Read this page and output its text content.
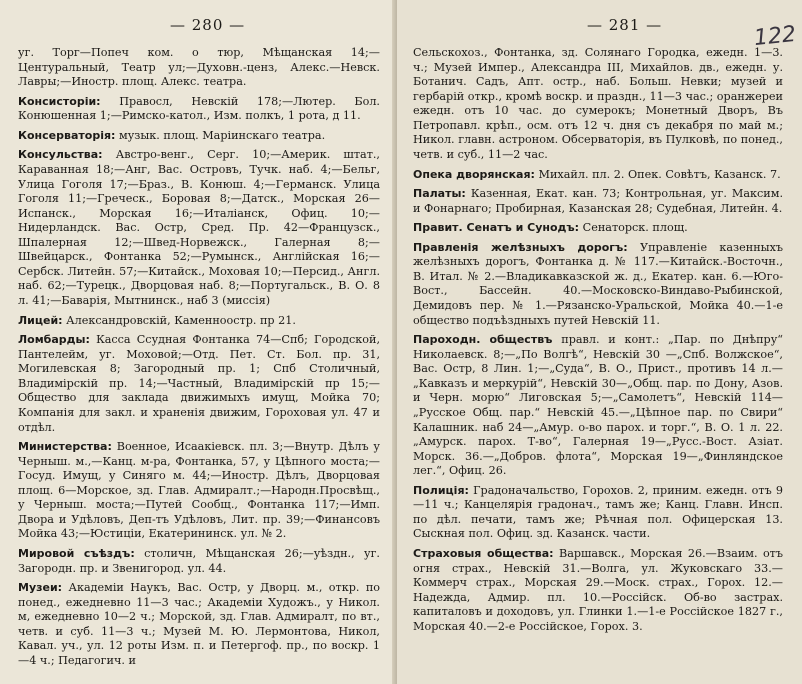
— 280 —
уг. Торг—Попеч ком. о тюр, Мѣщанская 14;—Центуральный, Театр ул;—Духовн.-ценз, Алекс.—Невск. Лавры;—Иностр. площ. Алекс. театра.
Консисторіи: Правосл, Невскій 178;—Лютер. Бол. Конюшенная 1;—Римско-катол., Изм. полкъ, 1 рота, д 11.
Консерваторія: музык. площ. Маріинскаго театра.
Консульства: Австро-венг., Серг. 10;—Америк. штат., Караванная 18;—Анг, Вас. Островъ, Тучк. наб. 4;—Бельг, Улица Гоголя 17;—Браз., В. Конюш. 4;—Германск. Улица Гоголя 11;—Греческ., Боровая 8;—Датск., Морская 26—Испанск., Морская 16;—Италіанск, Офиц. 10;—Нидерландск. Вас. Остр, Сред. Пр. 42—Французск., Шпалерная 12;—Швед-Норвежск., Галерная 8;—Швейцарск., Фонтанка 52;—Румынск., Англійская 16;—Сербск. Литейн. 57;—Китайск., Моховая 10;—Персид., Англ. наб. 62;—Турецк., Дворцовая наб. 8;—Португальск., В. О. 8 л. 41;—Баварія, Мытнинск., наб 3 (миссія)
Лицей: Александровскій, Каменноостр. пр 21.
Ломбарды: Касса Ссудная Фонтанка 74—Спб; Городской, Пантелейм, уг. Моховой;—Отд. Пет. Ст. Бол. пр. 31, Могилевская 8; Загородный пр. 1; Спб Столичный, Владимірскій пр. 14;—Частный, Владимірскій пр 15;—Общество для заклада движимыхъ имущ, Мойка 70; Компанія для закл. и храненія движим, Гороховая ул. 47 и отдѣл.
Министерства: Военное, Исаакіевск. пл. 3;—Внутр. Дѣлъ у Черныш. м.,—Канц. м-ра, Фонтанка, 57, у Цѣпного моста;—Госуд. Имущ, у Синяго м. 44;—Иностр. Дѣлъ, Дворцовая площ. 6—Морское, зд. Глав. Адмиралт.;—Народн.Просвѣщ., у Черныш. моста;—Путей Сообщ., Фонтанка 117;—Имп. Двора и Удѣловъ, Деп-тъ Удѣловъ, Лит. пр. 39;—Финансовъ Мойка 43;—Юстиціи, Екатерининск. ул. № 2.
Мировой съѣздъ: столичн, Мѣщанская 26;—уѣздн., уг. Загородн. пр. и Звенигород. ул. 44.
Музеи: Академіи Наукъ, Вас. Остр, у Дворц. м., откр. по понед., ежедневно 11—3 час.; Академіи Художъ., у Никол. м, ежедневно 10—2 ч.; Морской, зд. Глав. Адмиралт, по вт., четв. и суб. 11—3 ч.; Музей М. Ю. Лермонтова, Никол, Кавал. уч., ул. 12 роты Изм. п. и Петергоф. пр., по воскр. 1—4 ч.; Педагогич. и
— 281 —	122
Сельскохоз., Фонтанка, зд. Солянаго Городка, ежедн. 1—3. ч.; Музей Импер., Александра III, Михайлов. дв., ежедн. у. Ботанич. Садъ, Апт. остр., наб. Больш. Невки; музей и гербарій откр., кромѣ воскр. и праздн., 11—3 час.; оранжереи ежедн. отъ 10 час. до сумерокъ; Монетный Дворъ, Въ Петропавл. крѣп., осм. отъ 12 ч. дня съ декабря по май м.; Никол. главн. астроном. Обсерваторія, въ Пулковѣ, по понед., четв. и суб., 11—2 час.
Опека дворянская: Михайл. пл. 2. Опек. Совѣтъ, Казанск. 7.
Палаты: Казенная, Екат. кан. 73; Контрольная, уг. Максим. и Фонарнаго; Пробирная, Казанская 28; Судебная, Литейн. 4.
Правит. Сенатъ и Сунодъ: Сенаторск. площ.
Правленія желѣзныхъ дорогъ: Управленіе казенныхъ желѣзныхъ дорогъ, Фонтанка д. № 117.—Китайск.-Восточн., В. Итал. № 2.—Владикавказской ж. д., Екатер. кан. 6.—Юго-Вост., Бассейн. 40.—Московско-Виндаво-Рыбинской, Демидовъ пер. № 1.—Рязанско-Уральской, Мойка 40.—1-е общество подъѣздныхъ путей Невскій 11.
Пароходн. обществъ правл. и конт.: „Пар. по Днѣпру“ Николаевск. 8;—„По Волгѣ“, Невскій 30 —„Спб. Волжское“, Вас. Остр, 8 Лин. 1;—„Суда“, В. О., Прист., противъ 14 л.—„Кавказъ и меркурій“, Невскій 30—„Общ. пар. по Дону, Азов. и Черн. морю“ Лиговская 5;—„Самолетъ“, Невскій 114—„Русское Общ. пар.“ Невскій 45.—„Цѣпное пар. по Свири“ Калашник. наб 24—„Амур. о-во парох. и торг.“, В. О. 1 л. 22. „Амурск. парох. Т-во“, Галерная 19—„Русс.-Вост. Азіат. Морск. 36.—„Добров. флота“, Морская 19—„Финляндское лег.“, Офиц. 26.
Полиція: Градоначальство, Горохов. 2, приним. ежедн. отъ 9—11 ч.; Канцелярія градонач., тамъ же; Канц. Главн. Инсп. по дѣл. печати, тамъ же; Рѣчная пол. Офицерская 13. Сыскная пол. Офиц. зд. Казанск. части.
Страховыя общества: Варшавск., Морская 26.—Взаим. отъ огня страх., Невскій 31.—Волга, ул. Жуковскаго 33.—Коммерч страх., Морская 29.—Моск. страх., Горох. 12.—Надежда, Адмир. пл. 10.—Россійск. Об-во застрах. капиталовъ и доходовъ, ул. Глинки 1.—1-е Россійское 1827 г., Морская 40.—2-е Россійское, Горох. 3.
